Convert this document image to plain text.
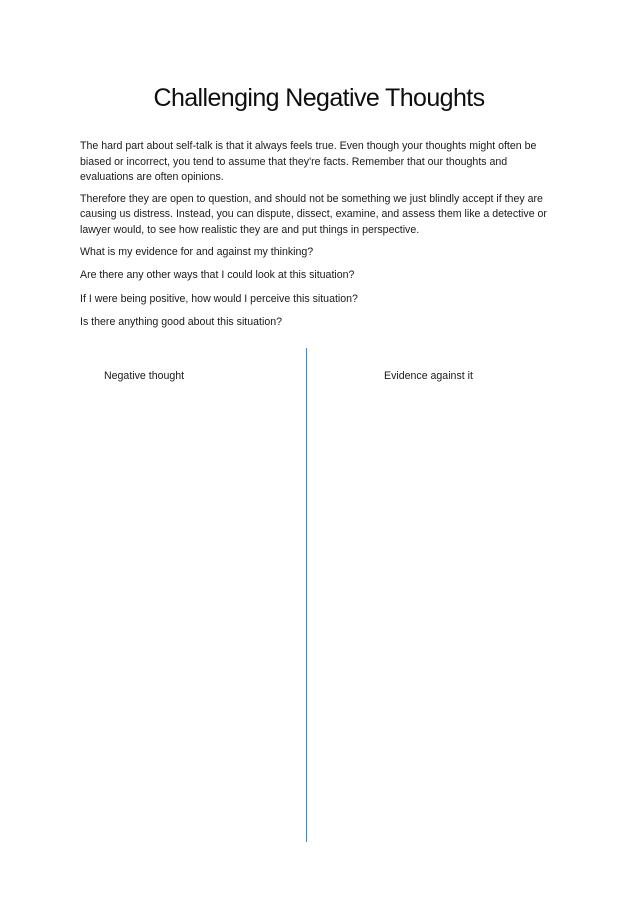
Challenging Negative Thoughts

The hard part about self-talk is that it always feels true. Even though your thoughts might often be biased or incorrect, you tend to assume that they're facts. Remember that our thoughts and evaluations are often opinions.

Therefore they are open to question, and should not be something we just blindly accept if they are causing us distress. Instead, you can dispute, dissect, examine, and assess them like a detective or lawyer would, to see how realistic they are and put things in perspective.

What is my evidence for and against my thinking?

Are there any other ways that I could look at this situation?

If I were being positive, how would I perceive this situation?

Is there anything good about this situation?

Negative thought	Evidence against it
